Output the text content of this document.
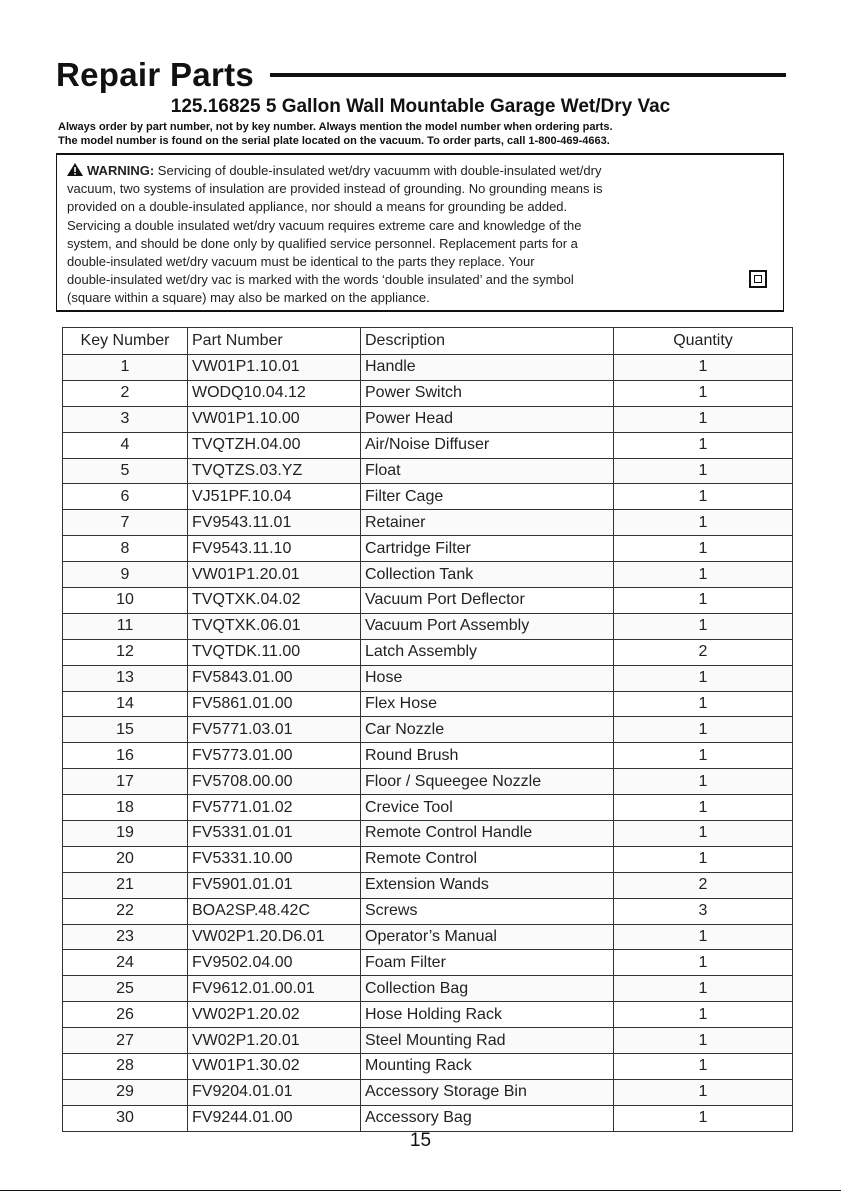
Repair Parts
125.16825 5 Gallon Wall Mountable Garage Wet/Dry Vac
Always order by part number, not by key number. Always mention the model number when ordering parts.
The model number is found on the serial plate located on the vacuum. To order parts, call 1-800-469-4663.
WARNING: Servicing of double-insulated wet/dry vacuumm with double-insulated wet/dry
vacuum, two systems of insulation are provided instead of grounding. No grounding means is
provided on a double-insulated appliance, nor should a means for grounding be added.
Servicing a double insulated wet/dry vacuum requires extreme care and knowledge of the
system, and should be done only by qualified service personnel. Replacement parts for a
double-insulated wet/dry vacuum must be identical to the parts they replace. Your
double-insulated wet/dry vac is marked with the words ‘double insulated’ and the symbol
(square within a square) may also be marked on the appliance.
Key Number	Part Number	Description	Quantity
1	VW01P1.10.01	Handle	1
2	WODQ10.04.12	Power Switch	1
3	VW01P1.10.00	Power Head	1
4	TVQTZH.04.00	Air/Noise Diffuser	1
5	TVQTZS.03.YZ	Float	1
6	VJ51PF.10.04	Filter Cage	1
7	FV9543.11.01	Retainer	1
8	FV9543.11.10	Cartridge Filter	1
9	VW01P1.20.01	Collection Tank	1
10	TVQTXK.04.02	Vacuum Port Deflector	1
11	TVQTXK.06.01	Vacuum Port Assembly	1
12	TVQTDK.11.00	Latch Assembly	2
13	FV5843.01.00	Hose	1
14	FV5861.01.00	Flex Hose	1
15	FV5771.03.01	Car Nozzle	1
16	FV5773.01.00	Round Brush	1
17	FV5708.00.00	Floor / Squeegee Nozzle	1
18	FV5771.01.02	Crevice Tool	1
19	FV5331.01.01	Remote Control Handle	1
20	FV5331.10.00	Remote Control	1
21	FV5901.01.01	Extension Wands	2
22	BOA2SP.48.42C	Screws	3
23	VW02P1.20.D6.01	Operator’s Manual	1
24	FV9502.04.00	Foam Filter	1
25	FV9612.01.00.01	Collection Bag	1
26	VW02P1.20.02	Hose Holding Rack	1
27	VW02P1.20.01	Steel Mounting Rad	1
28	VW01P1.30.02	Mounting Rack	1
29	FV9204.01.01	Accessory Storage Bin	1
30	FV9244.01.00	Accessory Bag	1
15
